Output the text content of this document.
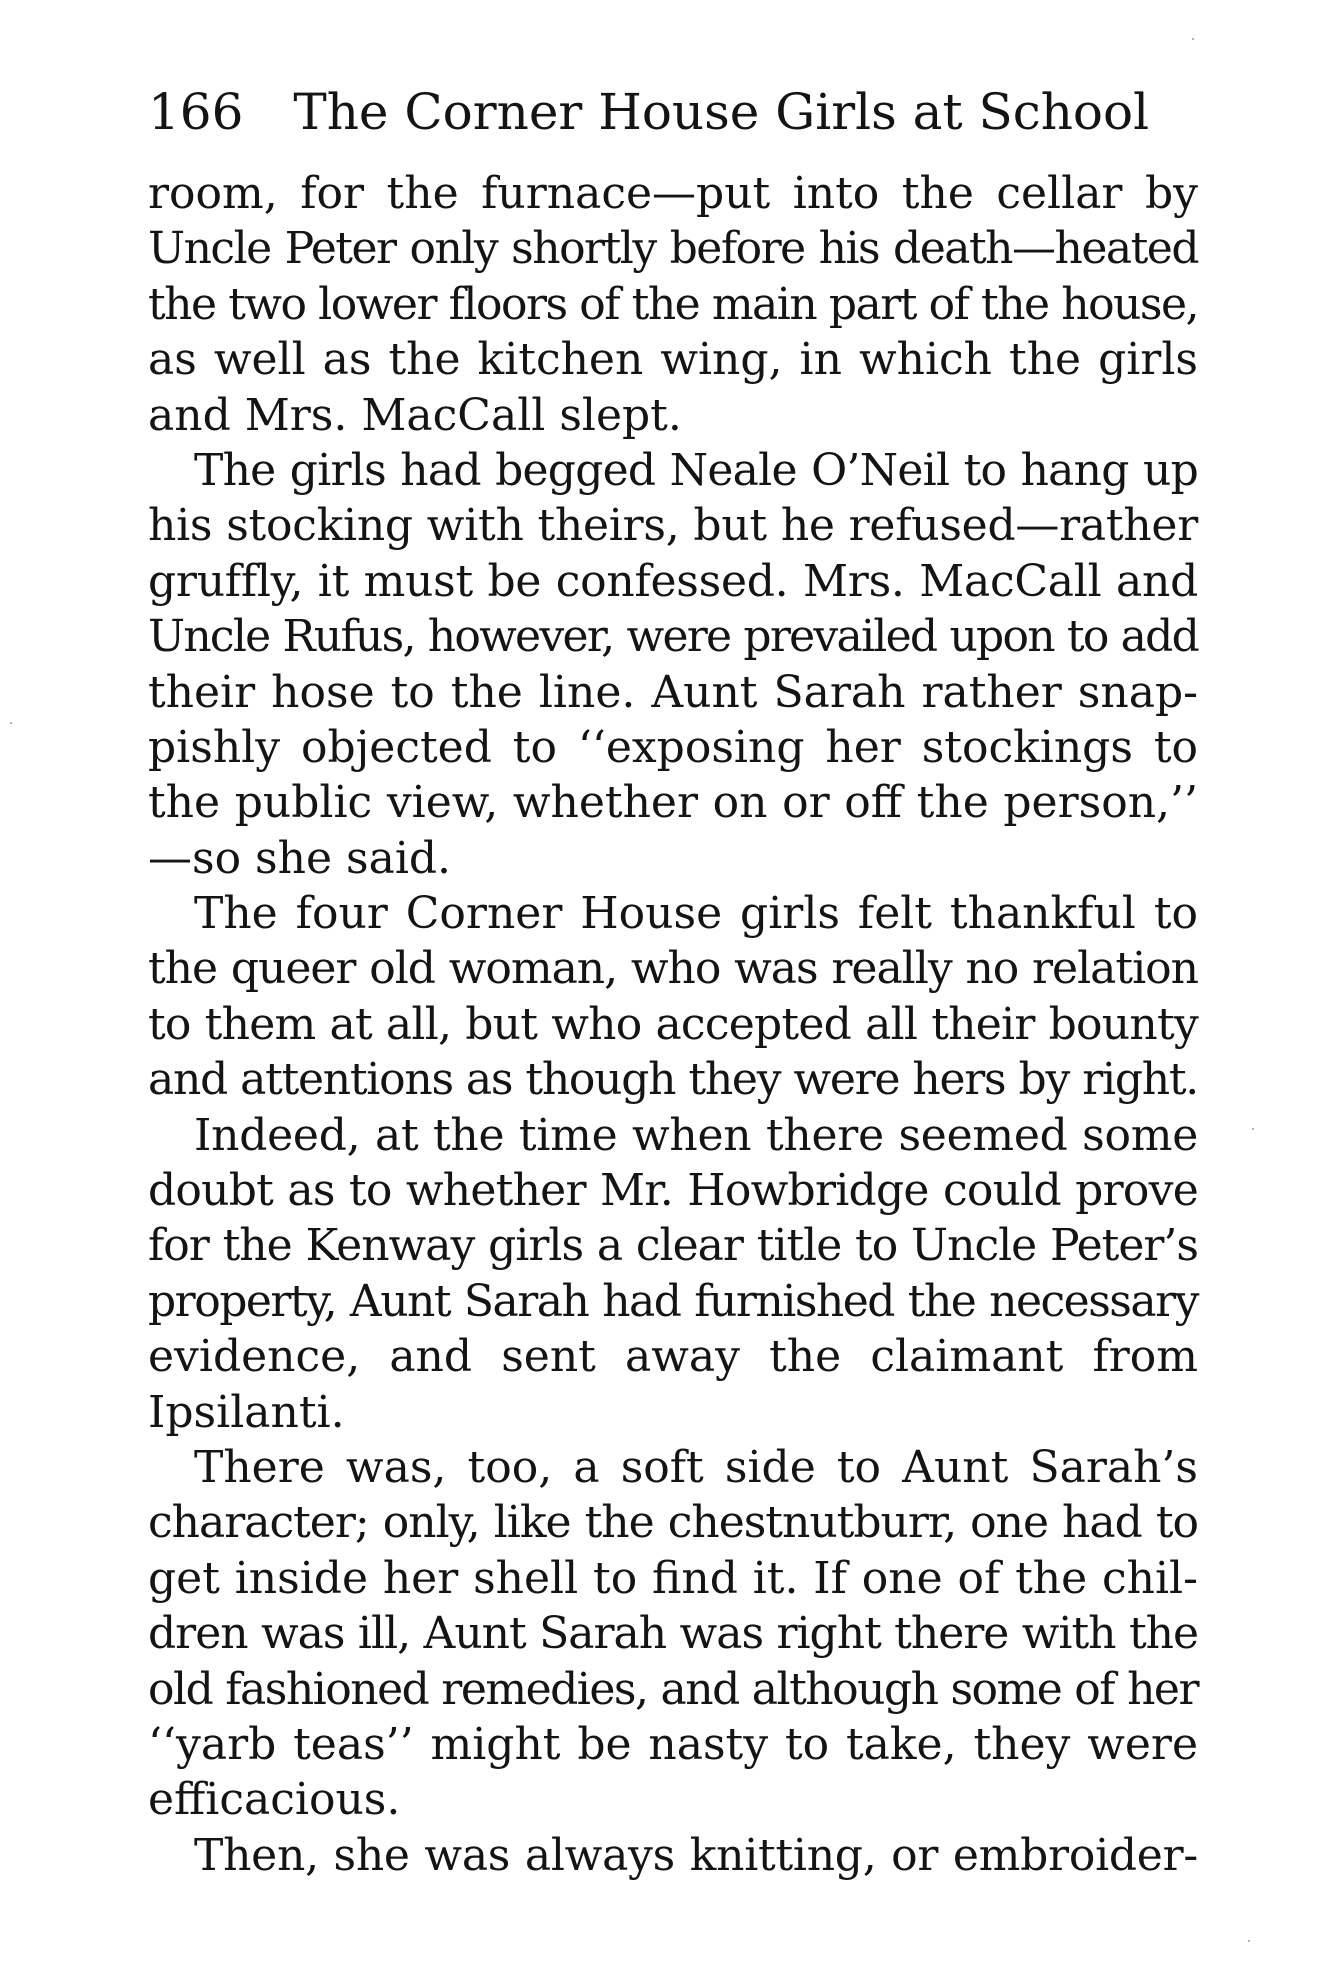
166 The Corner House Girls at School
room, for the furnace—put into the cellar by
Uncle Peter only shortly before his death—heated
the two lower floors of the main part of the house,
as well as the kitchen wing, in which the girls
and Mrs. MacCall slept.
The girls had begged Neale O’Neil to hang up
his stocking with theirs, but he refused—rather
gruffly, it must be confessed. Mrs. MacCall and
Uncle Rufus, however, were prevailed upon to add
their hose to the line. Aunt Sarah rather snap-
pishly objected to ‘‘exposing her stockings to
the public view, whether on or off the person,’’
—so she said.
The four Corner House girls felt thankful to
the queer old woman, who was really no relation
to them at all, but who accepted all their bounty
and attentions as though they were hers by right.
Indeed, at the time when there seemed some
doubt as to whether Mr. Howbridge could prove
for the Kenway girls a clear title to Uncle Peter’s
property, Aunt Sarah had furnished the necessary
evidence, and sent away the claimant from
Ipsilanti.
There was, too, a soft side to Aunt Sarah’s
character; only, like the chestnutburr, one had to
get inside her shell to find it. If one of the chil-
dren was ill, Aunt Sarah was right there with the
old fashioned remedies, and although some of her
‘‘yarb teas’’ might be nasty to take, they were
efficacious.
Then, she was always knitting, or embroider-
